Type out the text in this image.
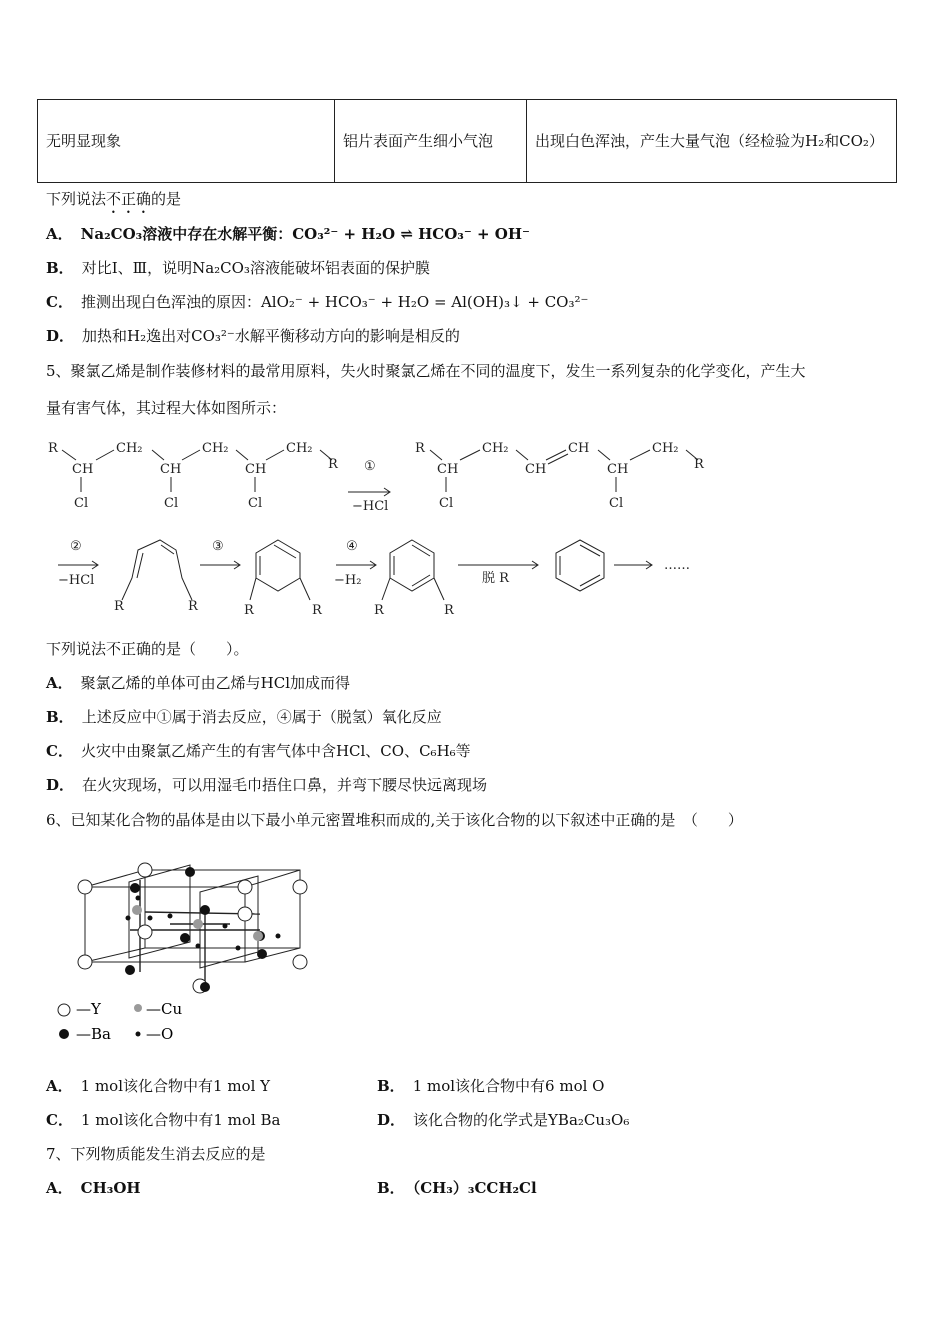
无明显现象	铝片表面产生细小气泡	出现白色浑浊，产生大量气泡（经检验为H₂和CO₂）
下列说法不正确的是
A． Na₂CO₃溶液中存在水解平衡：CO₃²⁻ + H₂O ⇌ HCO₃⁻ + OH⁻
B． 对比Ⅰ、Ⅲ，说明Na₂CO₃溶液能破坏铝表面的保护膜
C． 推测出现白色浑浊的原因：AlO₂⁻ + HCO₃⁻ + H₂O = Al(OH)₃↓ + CO₃²⁻
D． 加热和H₂逸出对CO₃²⁻水解平衡移动方向的影响是相反的
5、聚氯乙烯是制作装修材料的最常用原料，失火时聚氯乙烯在不同的温度下，发生一系列复杂的化学变化，产生大
量有害气体，其过程大体如图所示：
R
CH
Cl
CH₂
CH
Cl
CH₂
CH
Cl
CH₂
R ①
−HCl
R
CH
Cl
CH₂
CH
CH
CH
Cl
CH₂
R
②
−HCl
R	R
③
R	R
④
−H₂
R	R
脱 R
……
下列说法不正确的是（　　）。
A． 聚氯乙烯的单体可由乙烯与HCl加成而得
B． 上述反应中①属于消去反应，④属于（脱氢）氧化反应
C． 火灾中由聚氯乙烯产生的有害气体中含HCl、CO、C₆H₆等
D． 在火灾现场，可以用湿毛巾捂住口鼻，并弯下腰尽快远离现场
6、已知某化合物的晶体是由以下最小单元密置堆积而成的,关于该化合物的以下叙述中正确的是　（　　）
—Y	—Cu
—Ba —O
A． 1 mol该化合物中有1 mol Y	B． 1 mol该化合物中有6 mol O
C． 1 mol该化合物中有1 mol Ba	D． 该化合物的化学式是YBa₂Cu₃O₆
7、下列物质能发生消去反应的是
A． CH₃OH	B． （CH₃）₃CCH₂Cl
